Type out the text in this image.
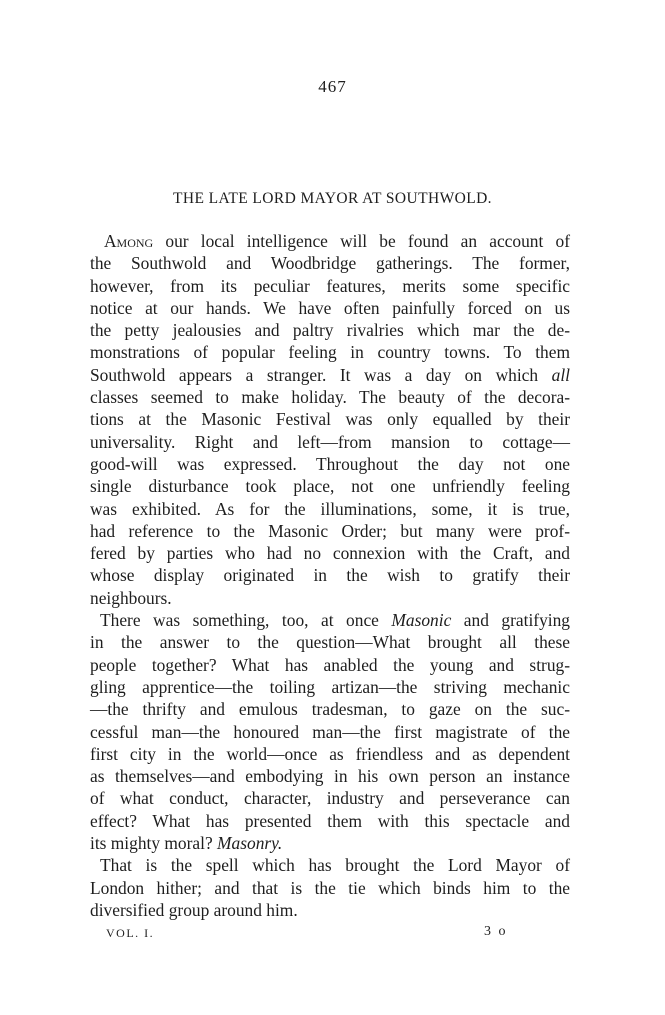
467
THE LATE LORD MAYOR AT SOUTHWOLD.
Among our local intelligence will be found an account of
the Southwold and Woodbridge gatherings. The former,
however, from its peculiar features, merits some specific
notice at our hands. We have often painfully forced on us
the petty jealousies and paltry rivalries which mar the de-
monstrations of popular feeling in country towns. To them
Southwold appears a stranger. It was a day on which all
classes seemed to make holiday. The beauty of the decora-
tions at the Masonic Festival was only equalled by their
universality. Right and left—from mansion to cottage—
good-will was expressed. Throughout the day not one
single disturbance took place, not one unfriendly feeling
was exhibited. As for the illuminations, some, it is true,
had reference to the Masonic Order; but many were prof-
fered by parties who had no connexion with the Craft, and
whose display originated in the wish to gratify their
neighbours.
There was something, too, at once Masonic and gratifying
in the answer to the question—What brought all these
people together? What has anabled the young and strug-
gling apprentice—the toiling artizan—the striving mechanic
—the thrifty and emulous tradesman, to gaze on the suc-
cessful man—the honoured man—the first magistrate of the
first city in the world—once as friendless and as dependent
as themselves—and embodying in his own person an instance
of what conduct, character, industry and perseverance can
effect? What has presented them with this spectacle and
its mighty moral? Masonry.
That is the spell which has brought the Lord Mayor of
London hither; and that is the tie which binds him to the
diversified group around him.
VOL. I.	3 o
